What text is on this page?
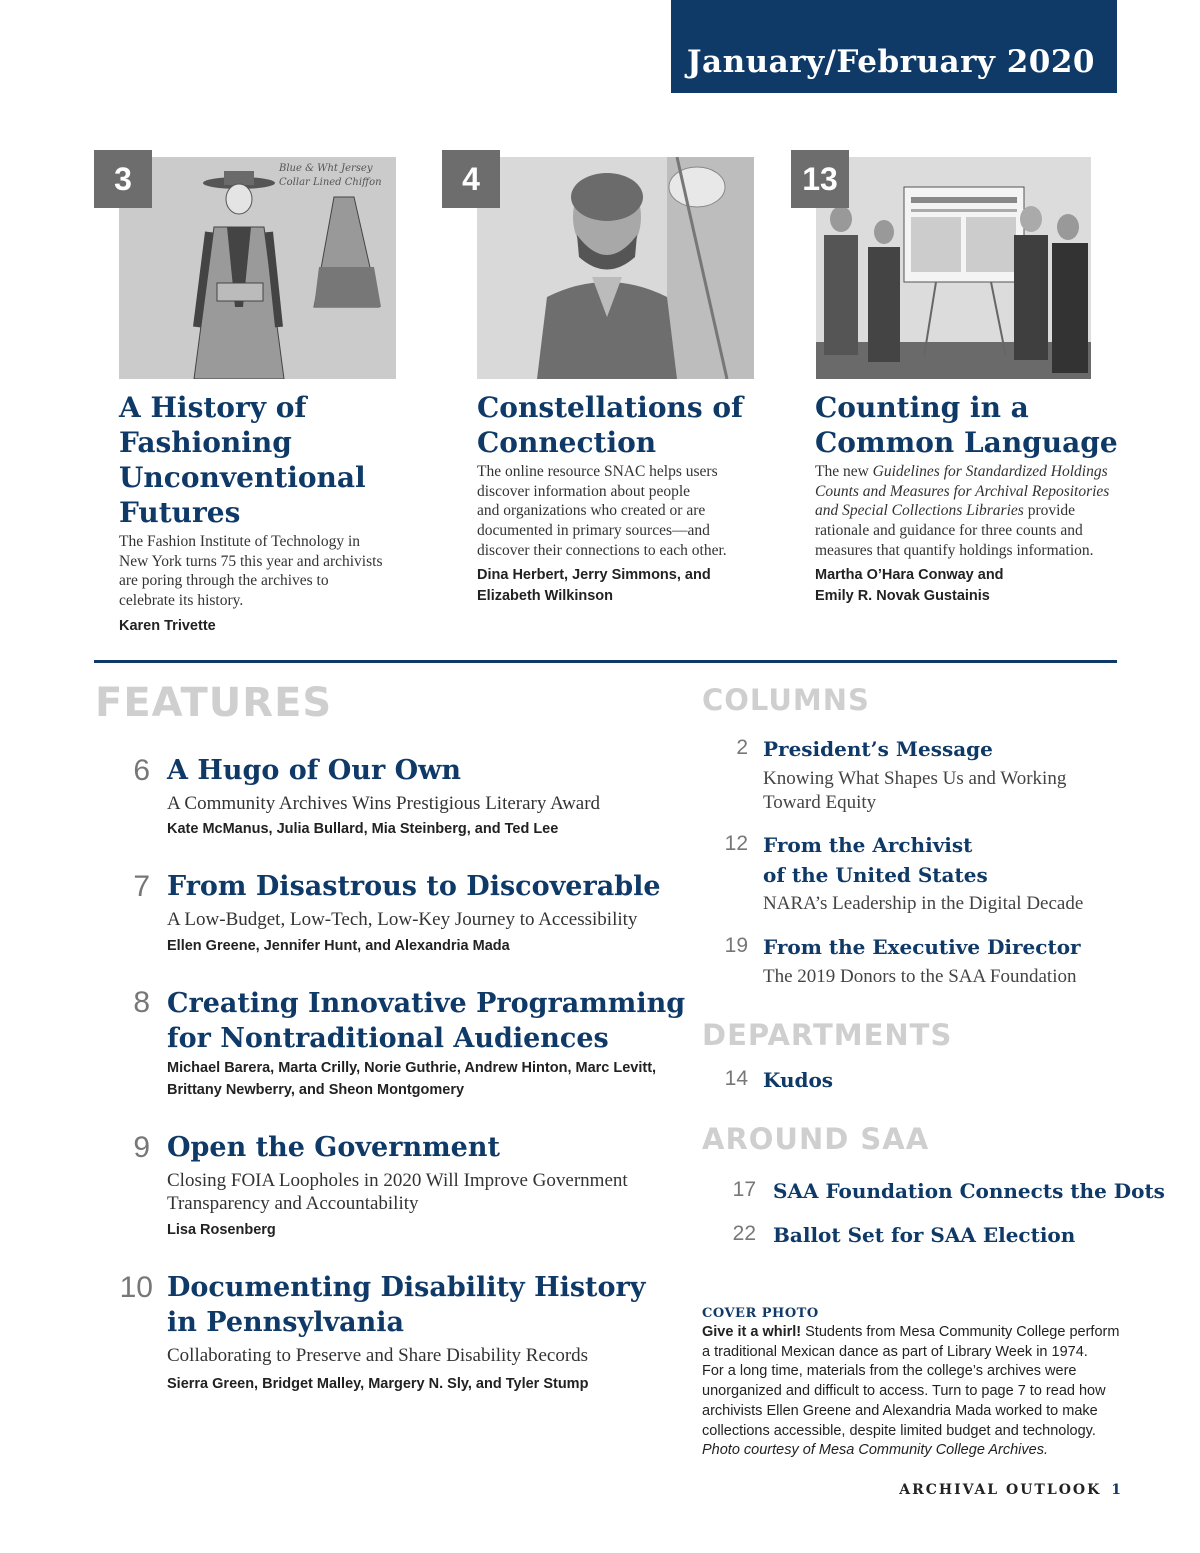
January/February 2020
Blue & Wht Jersey
Collar Lined Chiffon
3
A History of
Fashioning
Unconventional
Futures
The Fashion Institute of Technology in
New York turns 75 this year and archivists
are poring through the archives to
celebrate its history.
Karen Trivette
4
Constellations of
Connection
The online resource SNAC helps users
discover information about people
and organizations who created or are
documented in primary sources—and
discover their connections to each other.
Dina Herbert, Jerry Simmons, and
Elizabeth Wilkinson
13
Counting in a
Common Language
The new Guidelines for Standardized Holdings
Counts and Measures for Archival Repositories
and Special Collections Libraries provide
rationale and guidance for three counts and
measures that quantify holdings information.
Martha O’Hara Conway and
Emily R. Novak Gustainis
FEATURES
6 A Hugo of Our Own
A Community Archives Wins Prestigious Literary Award
Kate McManus, Julia Bullard, Mia Steinberg, and Ted Lee
7 From Disastrous to Discoverable
A Low-Budget, Low-Tech, Low-Key Journey to Accessibility
Ellen Greene, Jennifer Hunt, and Alexandria Mada
8 Creating Innovative Programming
for Nontraditional Audiences
Michael Barera, Marta Crilly, Norie Guthrie, Andrew Hinton, Marc Levitt,
Brittany Newberry, and Sheon Montgomery
9 Open the Government
Closing FOIA Loopholes in 2020 Will Improve Government
Transparency and Accountability
Lisa Rosenberg
10 Documenting Disability History
in Pennsylvania
Collaborating to Preserve and Share Disability Records
Sierra Green, Bridget Malley, Margery N. Sly, and Tyler Stump
COLUMNS
2 President’s Message
Knowing What Shapes Us and Working
Toward Equity
12 From the Archivist
of the United States
NARA’s Leadership in the Digital Decade
19 From the Executive Director
The 2019 Donors to the SAA Foundation
DEPARTMENTS
14 Kudos
AROUND SAA
17 SAA Foundation Connects the Dots
22 Ballot Set for SAA Election
COVER PHOTO
Give it a whirl! Students from Mesa Community College perform
a traditional Mexican dance as part of Library Week in 1974.
For a long time, materials from the college’s archives were
unorganized and difficult to access. Turn to page 7 to read how
archivists Ellen Greene and Alexandria Mada worked to make
collections accessible, despite limited budget and technology.
Photo courtesy of Mesa Community College Archives.
ARCHIVAL OUTLOOK 1
